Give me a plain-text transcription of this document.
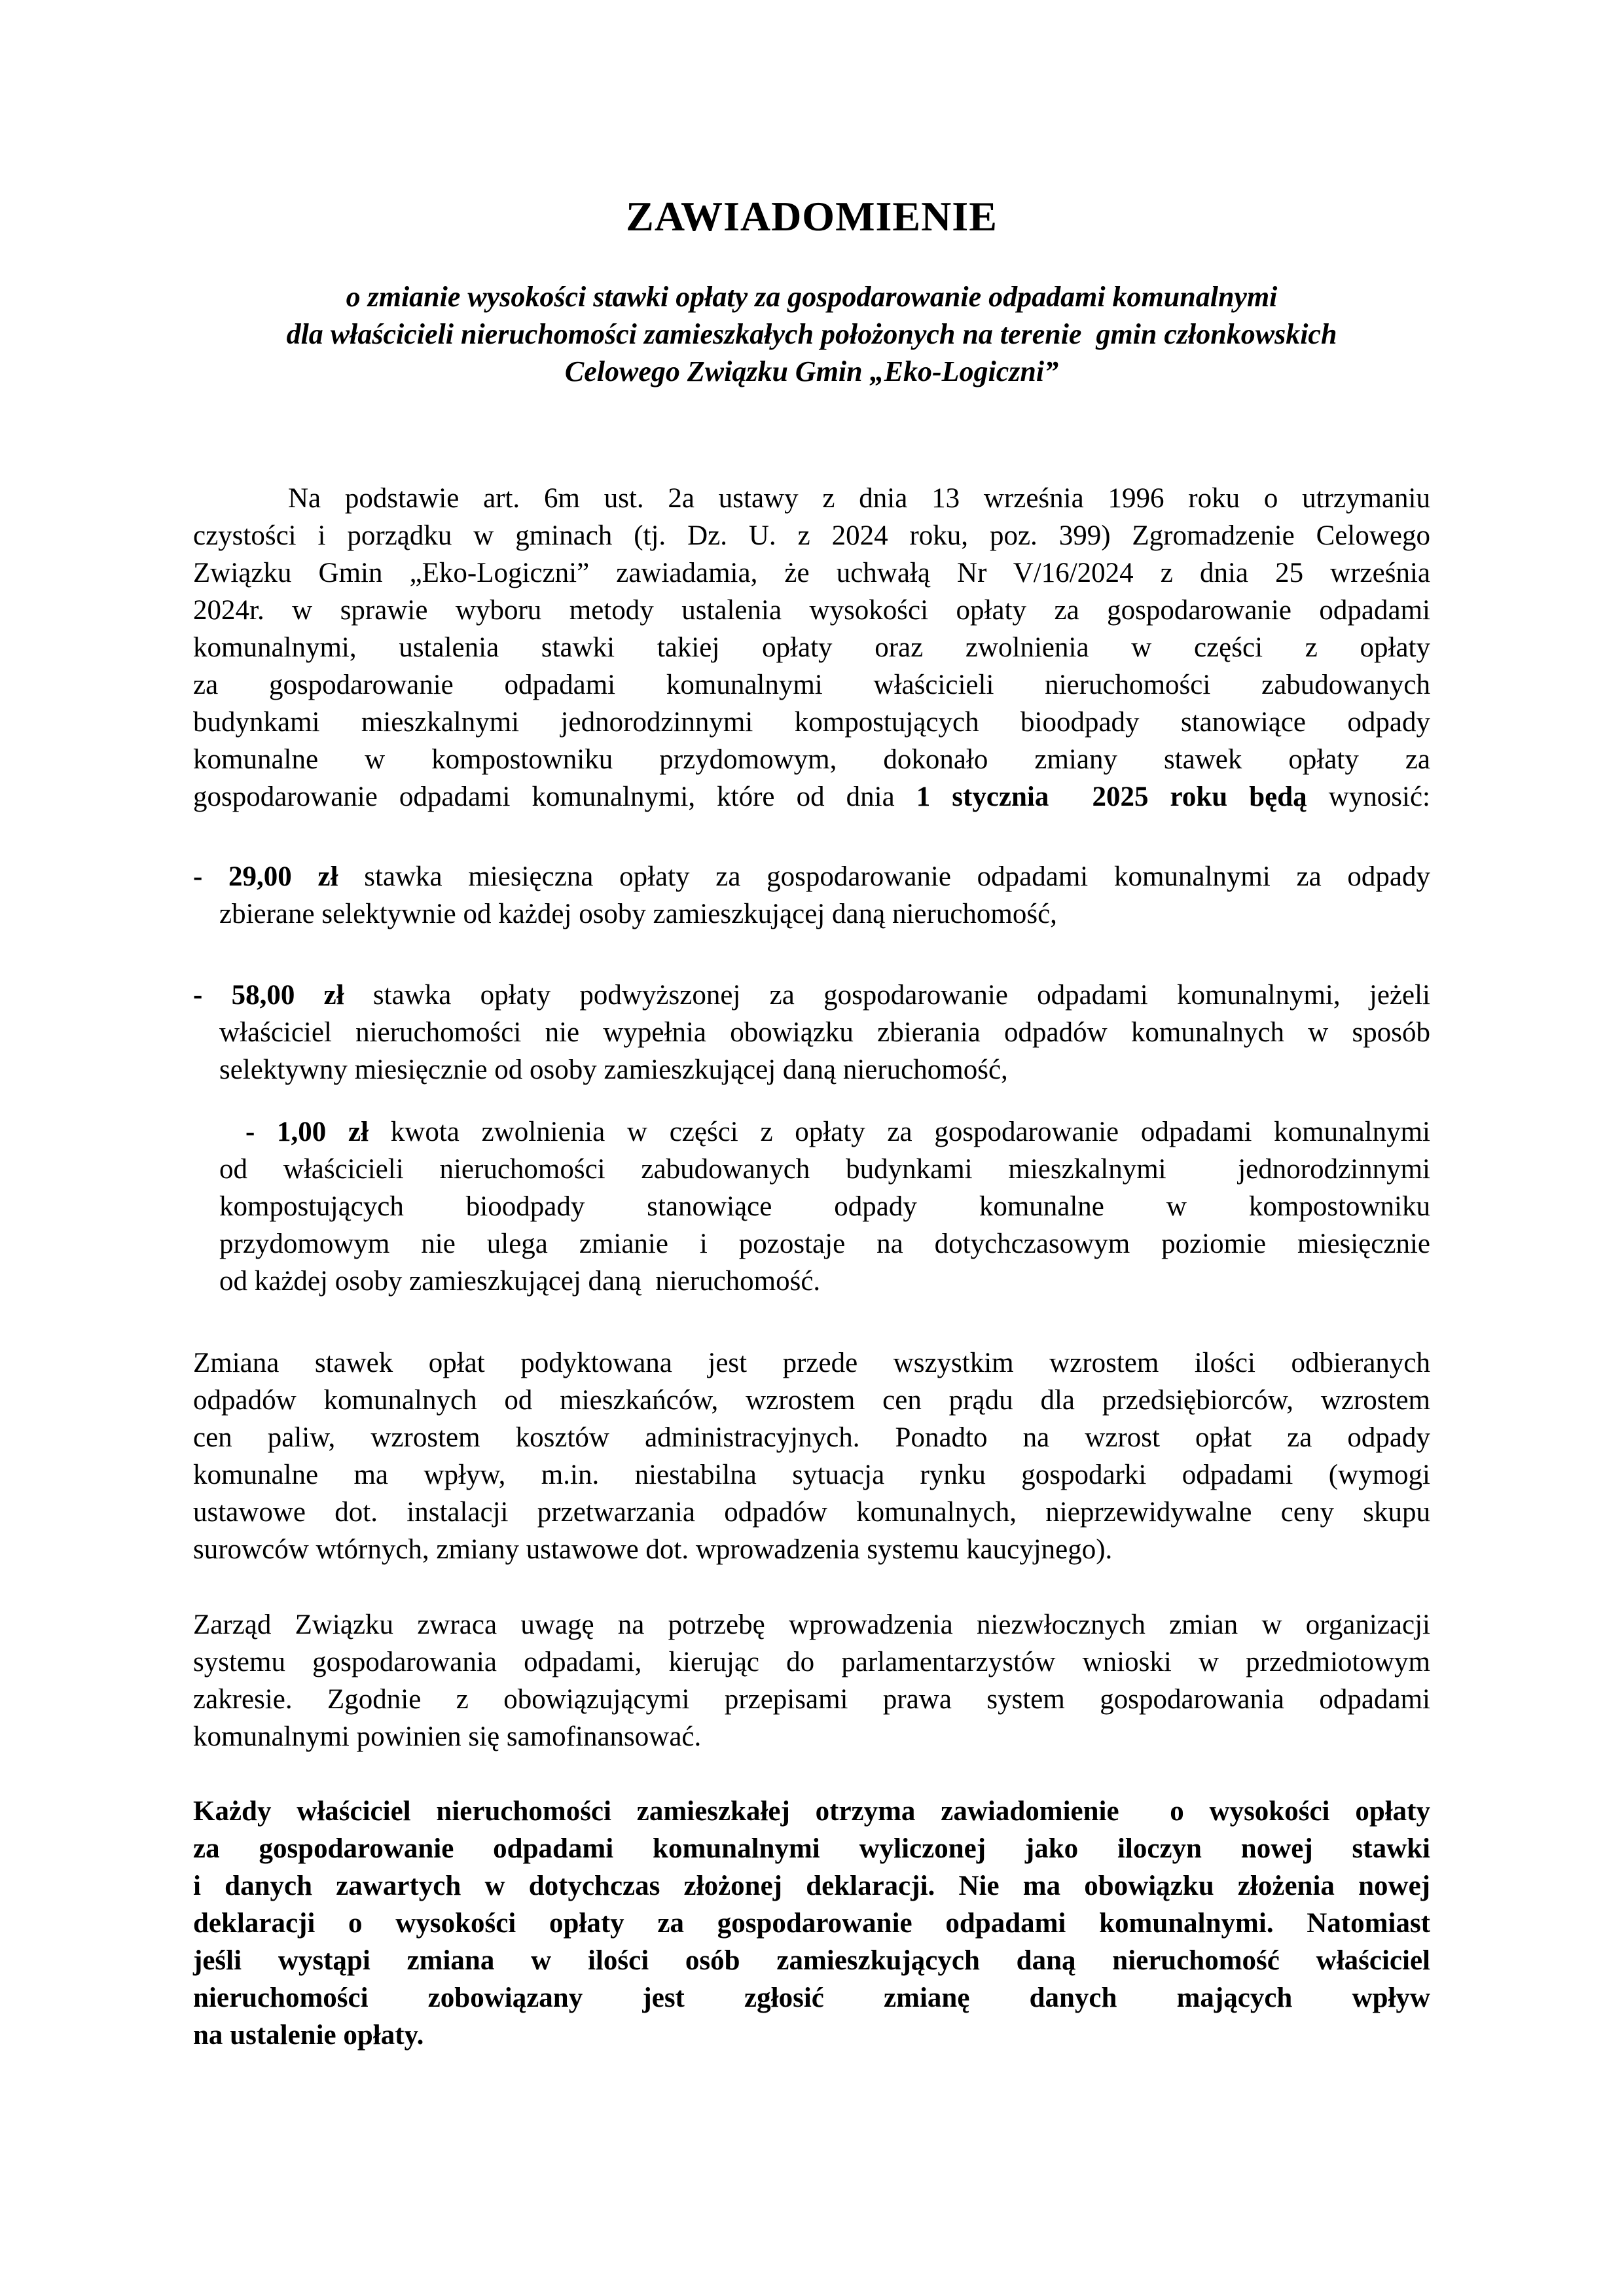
ZAWIADOMIENIE
o zmianie wysokości stawki opłaty za gospodarowanie odpadami komunalnymi
dla właścicieli nieruchomości zamieszkałych położonych na terenie  gmin członkowskich
Celowego Związku Gmin „Eko-Logiczni”
Na podstawie art. 6m ust. 2a ustawy z dnia 13 września 1996 roku o utrzymaniu
czystości i porządku w gminach (tj. Dz. U. z 2024 roku, poz. 399) Zgromadzenie Celowego
Związku Gmin „Eko-Logiczni” zawiadamia, że uchwałą Nr V/16/2024 z dnia 25 września
2024r. w sprawie wyboru metody ustalenia wysokości opłaty za gospodarowanie odpadami
komunalnymi, ustalenia stawki takiej opłaty oraz zwolnienia w części z opłaty
za gospodarowanie odpadami komunalnymi właścicieli nieruchomości zabudowanych
budynkami mieszkalnymi jednorodzinnymi kompostujących bioodpady stanowiące odpady
komunalne w kompostowniku przydomowym, dokonało zmiany stawek opłaty za
gospodarowanie odpadami komunalnymi, które od dnia 1 stycznia  2025 roku będą wynosić:
- 29,00 zł stawka miesięczna opłaty za gospodarowanie odpadami komunalnymi za odpady
zbierane selektywnie od każdej osoby zamieszkującej daną nieruchomość,
- 58,00 zł stawka opłaty podwyższonej za gospodarowanie odpadami komunalnymi, jeżeli
właściciel nieruchomości nie wypełnia obowiązku zbierania odpadów komunalnych w sposób
selektywny miesięcznie od osoby zamieszkującej daną nieruchomość,
- 1,00 zł kwota zwolnienia w części z opłaty za gospodarowanie odpadami komunalnymi
od właścicieli nieruchomości zabudowanych budynkami mieszkalnymi  jednorodzinnymi
kompostujących bioodpady stanowiące odpady komunalne w kompostowniku
przydomowym nie ulega zmianie i pozostaje na dotychczasowym poziomie miesięcznie
od każdej osoby zamieszkującej daną  nieruchomość.
Zmiana stawek opłat podyktowana jest przede wszystkim wzrostem ilości odbieranych
odpadów komunalnych od mieszkańców, wzrostem cen prądu dla przedsiębiorców, wzrostem
cen paliw, wzrostem kosztów administracyjnych. Ponadto na wzrost opłat za odpady
komunalne ma wpływ, m.in. niestabilna sytuacja rynku gospodarki odpadami (wymogi
ustawowe dot. instalacji przetwarzania odpadów komunalnych, nieprzewidywalne ceny skupu
surowców wtórnych, zmiany ustawowe dot. wprowadzenia systemu kaucyjnego).
Zarząd Związku zwraca uwagę na potrzebę wprowadzenia niezwłocznych zmian w organizacji
systemu gospodarowania odpadami, kierując do parlamentarzystów wnioski w przedmiotowym
zakresie. Zgodnie z obowiązującymi przepisami prawa system gospodarowania odpadami
komunalnymi powinien się samofinansować.
Każdy właściciel nieruchomości zamieszkałej otrzyma zawiadomienie  o wysokości opłaty
za gospodarowanie odpadami komunalnymi wyliczonej jako iloczyn nowej stawki
i danych zawartych w dotychczas złożonej deklaracji. Nie ma obowiązku złożenia nowej
deklaracji o wysokości opłaty za gospodarowanie odpadami komunalnymi. Natomiast
jeśli wystąpi zmiana w ilości osób zamieszkujących daną nieruchomość właściciel
nieruchomości zobowiązany jest zgłosić zmianę danych mających wpływ
na ustalenie opłaty.
